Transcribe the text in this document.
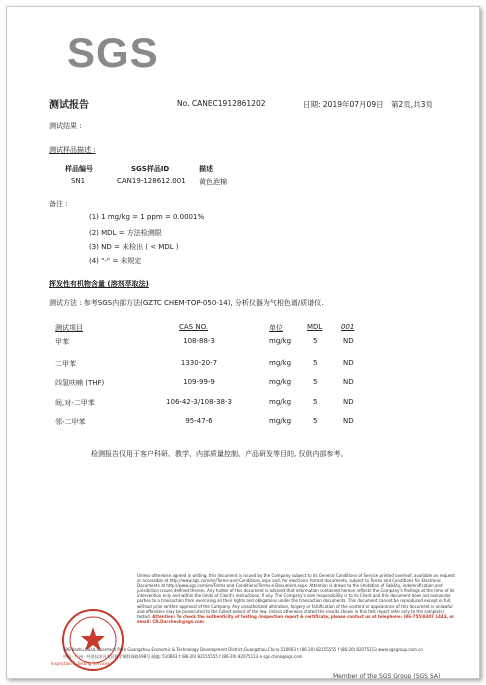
SGS
测试报告	No. CANEC1912861202	日期: 2019年07月09日 第2页,共3页
测试结果 :
测试样品描述 :
样品编号	SGS样品ID	描述
SN1	CAN19-128612.001 黄色泡棉
备注 :
(1) 1 mg/kg = 1 ppm = 0.0001%
(2) MDL = 方法检测限
(3) ND = 未检出 ( < MDL )
(4) "-" = 未规定
挥发性有机物含量 (溶剂萃取法)
测试方法 : 参考SGS内部方法(GZTC CHEM-TOP-050-14), 分析仪器为气相色谱/质谱仪.
测试项目	CAS NO.	单位	MDL	001
甲苯	108-88-3	mg/kg	5	ND
二甲苯	1330-20-7	mg/kg	5	ND
四氢呋喃 (THF)	109-99-9	mg/kg	5	ND
间,对-二甲苯	106-42-3/108-38-3	mg/kg	5	ND
邻-二甲苯	95-47-6	mg/kg	5	ND
检测报告仅用于客户科研、教学、内部质量控制、产品研发等目的, 仅供内部参考。
Inspection & Testing Services
Unless otherwise agreed in writing, this document is issued by the Company subject to its General Conditions of Service printed overleaf, available on request or accessible at http://www.sgs.com/en/Terms-and-Conditions.aspx and, for electronic format documents, subject to Terms and Conditions for Electronic Documents at http://www.sgs.com/en/Terms-and-Conditions/Terms-e-Document.aspx. Attention is drawn to the limitation of liability, indemnification and jurisdiction issues defined therein. Any holder of this document is advised that information contained hereon reflects the Company's findings at the time of its intervention only and within the limits of Client's instructions, if any. The Company's sole responsibility is to its Client and this document does not exonerate parties to a transaction from exercising all their rights and obligations under the transaction documents. This document cannot be reproduced except in full, without prior written approval of the Company. Any unauthorized alteration, forgery or falsification of the content or appearance of this document is unlawful and offenders may be prosecuted to the fullest extent of the law. Unless otherwise stated the results shown in this test report refer only to the sample(s) tested. Attention: To check the authenticity of testing /inspection report & certificate, please contact us at telephone: (86-755)8307 1443, or email: CN.Doccheck@sgs.com
198 Kezhu Road,Scientech Park Guangzhou Economic & Technology Development District,Guangzhou,China 510663 t (86-20) 82155555 f (86-20) 82075113 www.sgsgroup.com.cn
中国 · 广州 · 经济技术开发区科学城科珠路198号 邮编: 510663 t (86-20) 82155555 f (86-20) 82075113 e sgs.china@sgs.com
Member of the SGS Group (SGS SA)
